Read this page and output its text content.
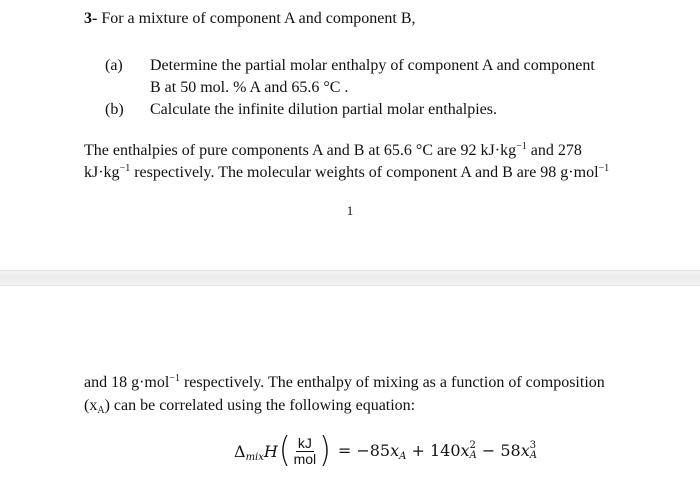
3- For a mixture of component A and component B,
(a) Determine the partial molar enthalpy of component A and component
B at 50 mol. % A and 65.6 °C .
(b) Calculate the infinite dilution partial molar enthalpies.
The enthalpies of pure components A and B at 65.6 °C are 92 $kJ\cdot kg^{-1}$ and 278
$kJ\cdot kg^{-1}$ respectively. The molecular weights of component A and B are 98 g·mol$^{-1}$
1
and 18 g·mol$^{-1}$ respectively. The enthalpy of mixing as a function of composition
$(x_A)$ can be correlated using the following equation:
$\Delta_{mix}H$ ( $\frac{kJ}{\text{mol}}$ ) = $-85x_A + 140x$ 2
A − 58x 3
A
